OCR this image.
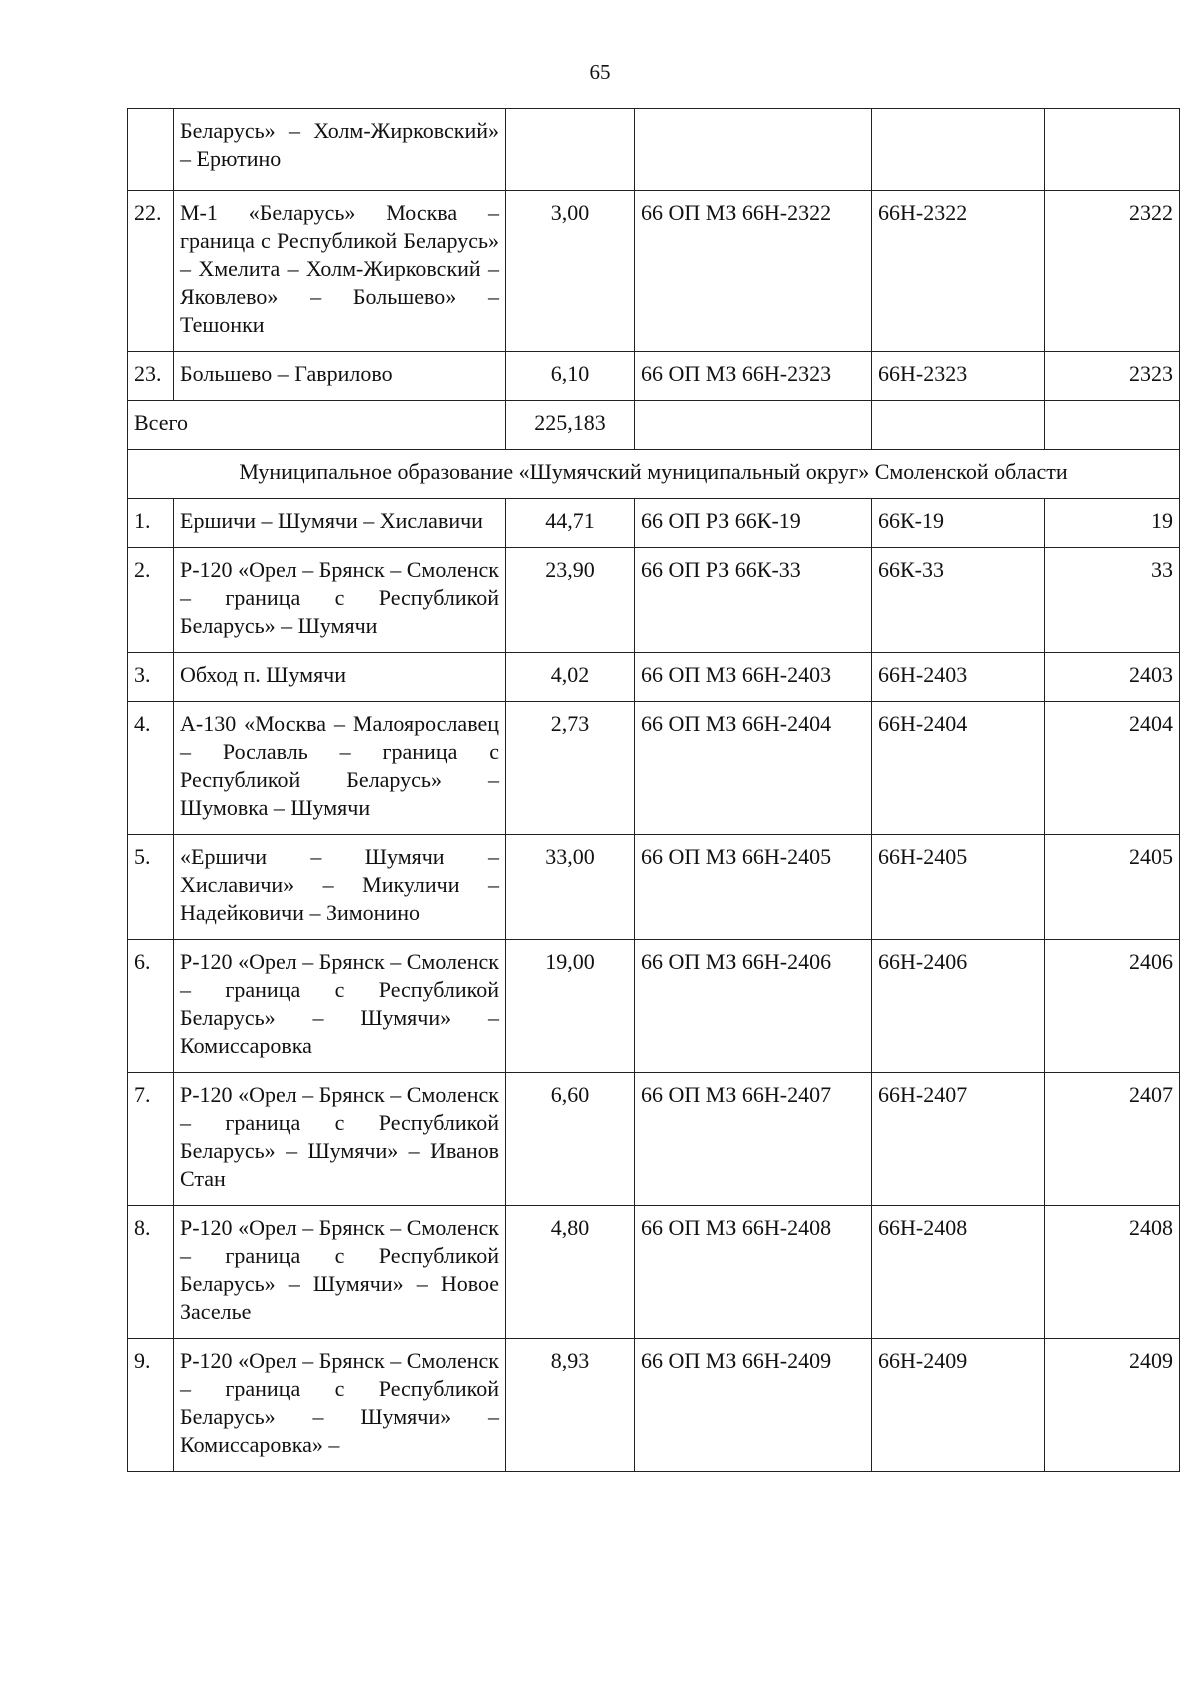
65
	Беларусь» – Холм-Жирковский» – Ерютино				
22.	М-1 «Беларусь» Москва – граница с Республикой Беларусь» – Хмелита – Холм-Жирковский – Яковлево» – Большево» – Тешонки	3,00	66 ОП МЗ 66Н-2322	66Н-2322	2322
23.	Большево – Гаврилово	6,10	66 ОП МЗ 66Н-2323	66Н-2323	2323
Всего		225,183			
Муниципальное образование «Шумячский муниципальный округ» Смоленской области					
1.	Ершичи – Шумячи – Хиславичи	44,71	66 ОП РЗ 66К-19	66К-19	19
2.	Р-120 «Орел – Брянск – Смоленск – граница с Республикой Беларусь» – Шумячи	23,90	66 ОП РЗ 66К-33	66К-33	33
3.	Обход п. Шумячи	4,02	66 ОП МЗ 66Н-2403	66Н-2403	2403
4.	А-130 «Москва – Малоярославец – Рославль – граница с Республикой Беларусь» – Шумовка – Шумячи	2,73	66 ОП МЗ 66Н-2404	66Н-2404	2404
5.	«Ершичи – Шумячи – Хиславичи» – Микуличи – Надейковичи – Зимонино	33,00	66 ОП МЗ 66Н-2405	66Н-2405	2405
6.	Р-120 «Орел – Брянск – Смоленск – граница с Республикой Беларусь» – Шумячи» – Комиссаровка	19,00	66 ОП МЗ 66Н-2406	66Н-2406	2406
7.	Р-120 «Орел – Брянск – Смоленск – граница с Республикой Беларусь» – Шумячи» – Иванов Стан	6,60	66 ОП МЗ 66Н-2407	66Н-2407	2407
8.	Р-120 «Орел – Брянск – Смоленск – граница с Республикой Беларусь» – Шумячи» – Новое Заселье	4,80	66 ОП МЗ 66Н-2408	66Н-2408	2408
9.	Р-120 «Орел – Брянск – Смоленск – граница с Республикой Беларусь» – Шумячи» – Комиссаровка» –	8,93	66 ОП МЗ 66Н-2409	66Н-2409	2409
